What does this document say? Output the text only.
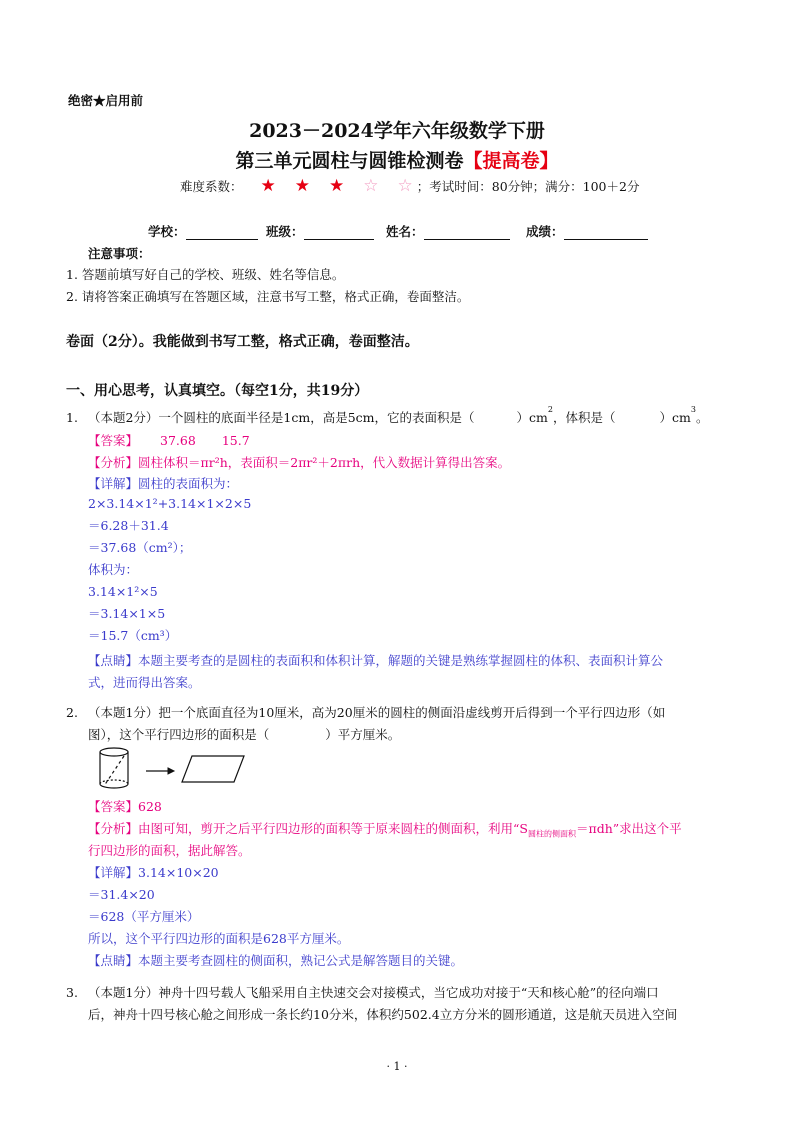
绝密★启用前
2023－2024学年六年级数学下册
第三单元圆柱与圆锥检测卷【提高卷】
难度系数： ★ ★ ★ ☆ ☆ ；考试时间：80分钟；满分：100＋2分
学校：	班级：	姓名：	成绩：
注意事项：
1. 答题前填写好自己的学校、班级、姓名等信息。
2. 请将答案正确填写在答题区域，注意书写工整，格式正确，卷面整洁。
卷面（2分）。我能做到书写工整，格式正确，卷面整洁。
一、用心思考，认真填空。（每空1分，共19分）
1. （本题2分）一个圆柱的底面半径是1cm，高是5cm，它的表面积是（	）$cm^2$，体积是（	）$cm^3$。
【答案】 37.68 15.7
【分析】圆柱体积＝πr²h，表面积＝2πr²＋2πrh，代入数据计算得出答案。
【详解】圆柱的表面积为：
2×3.14×1²+3.14×1×2×5
＝6.28＋31.4
＝37.68（cm²）；
体积为：
3.14×1²×5
＝3.14×1×5
＝15.7（cm³）
【点睛】本题主要考查的是圆柱的表面积和体积计算，解题的关键是熟练掌握圆柱的体积、表面积计算公
式，进而得出答案。
2. （本题1分）把一个底面直径为10厘米，高为20厘米的圆柱的侧面沿虚线剪开后得到一个平行四边形（如
图），这个平行四边形的面积是（	）平方厘米。
【答案】628
【分析】由图可知，剪开之后平行四边形的面积等于原来圆柱的侧面积，利用“$S_{圆柱的侧面积}=\pi dh$”求出这个平
行四边形的面积，据此解答。
【详解】3.14×10×20
＝31.4×20
＝628（平方厘米）
所以，这个平行四边形的面积是628平方厘米。
【点睛】本题主要考查圆柱的侧面积，熟记公式是解答题目的关键。
3. （本题1分）神舟十四号载人飞船采用自主快速交会对接模式，当它成功对接于“天和核心舱”的径向端口
后，神舟十四号核心舱之间形成一条长约10分米，体积约502.4立方分米的圆形通道，这是航天员进入空间
· 1 ·
